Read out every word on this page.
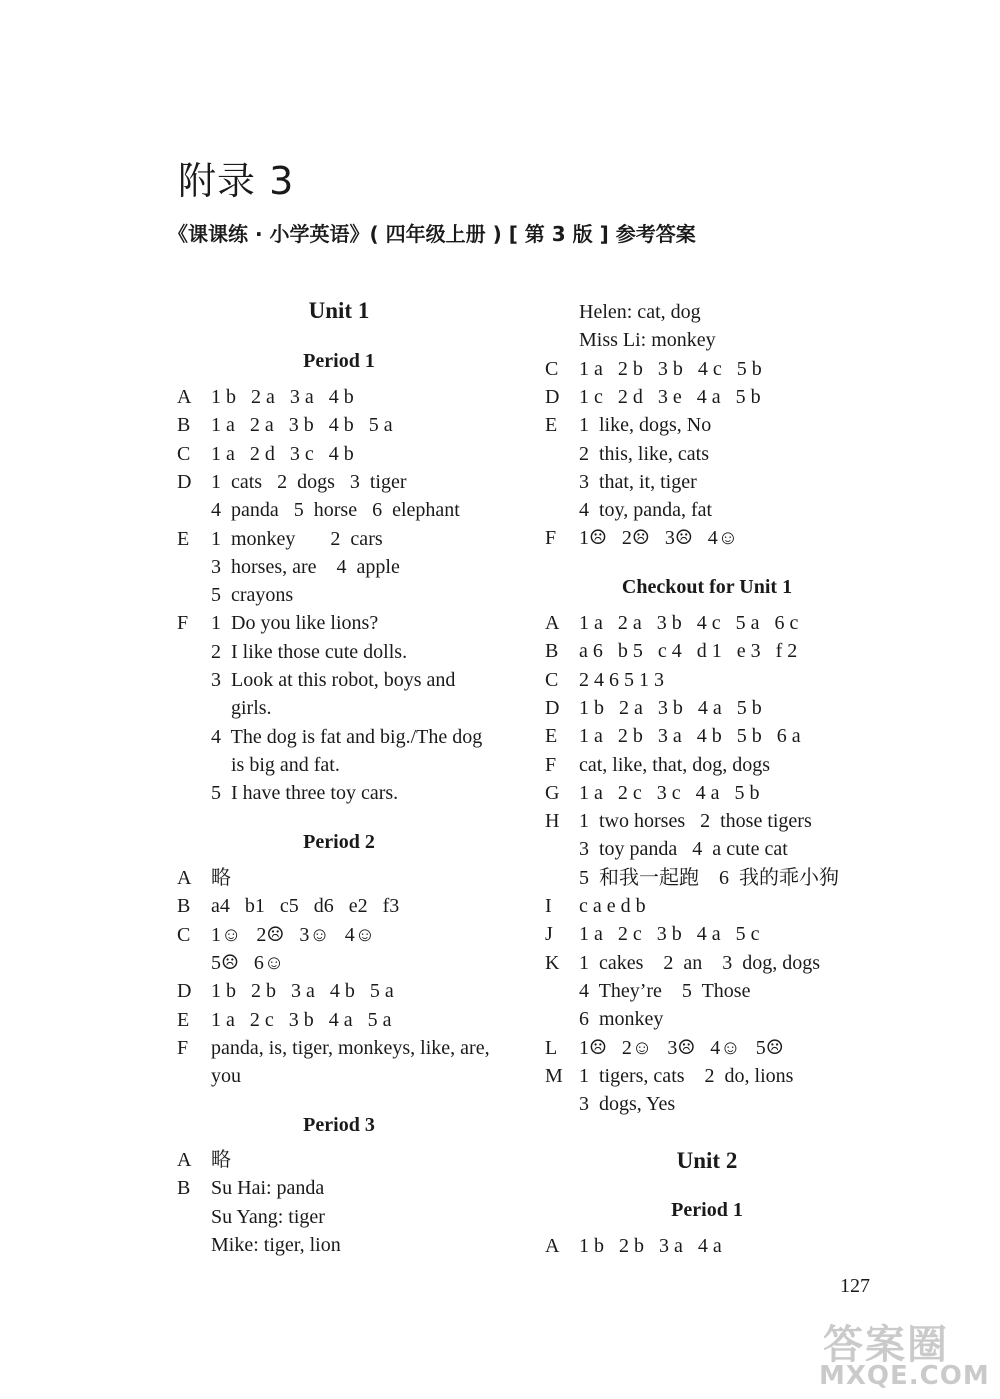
附录 3
《课课练 · 小学英语》( 四年级上册 ) [ 第 3 版 ] 参考答案
Unit 1
Period 1
A 1 b   2 a   3 a   4 b
B 1 a   2 a   3 b   4 b   5 a
C 1 a   2 d   3 c   4 b
D 1  cats   2  dogs   3  tiger
4  panda   5  horse   6  elephant
E 1  monkey       2  cars
3  horses, are    4  apple
5  crayons
F 1  Do you like lions?
2  I like those cute dolls.
3  Look at this robot, boys and
girls.
4  The dog is fat and big./The dog
is big and fat.
5  I have three toy cars.
Period 2
A 略
B a4   b1   c5   d6   e2   f3
C 1☺   2☹   3☺   4☺
5☹   6☺
D 1 b   2 b   3 a   4 b   5 a
E 1 a   2 c   3 b   4 a   5 a
F panda, is, tiger, monkeys, like, are,
you
Period 3
A 略
B Su Hai: panda
Su Yang: tiger
Mike: tiger, lion
Helen: cat, dog
Miss Li: monkey
C 1 a   2 b   3 b   4 c   5 b
D 1 c   2 d   3 e   4 a   5 b
E 1  like, dogs, No
2  this, like, cats
3  that, it, tiger
4  toy, panda, fat
F 1☹   2☹   3☹   4☺
Checkout for Unit 1
A 1 a   2 a   3 b   4 c   5 a   6 c
B a 6   b 5   c 4   d 1   e 3   f 2
C 2 4 6 5 1 3
D 1 b   2 a   3 b   4 a   5 b
E 1 a   2 b   3 a   4 b   5 b   6 a
F cat, like, that, dog, dogs
G 1 a   2 c   3 c   4 a   5 b
H 1  two horses   2  those tigers
3  toy panda   4  a cute cat
5  和我一起跑    6  我的乖小狗
I c a e d b
J 1 a   2 c   3 b   4 a   5 c
K 1  cakes    2  an    3  dog, dogs
4  They’re    5  Those
6  monkey
L 1☹   2☺   3☹   4☺   5☹
M 1  tigers, cats    2  do, lions
3  dogs, Yes
Unit 2
Period 1
A 1 b   2 b   3 a   4 a
127
答案圈
MXQE.COM
